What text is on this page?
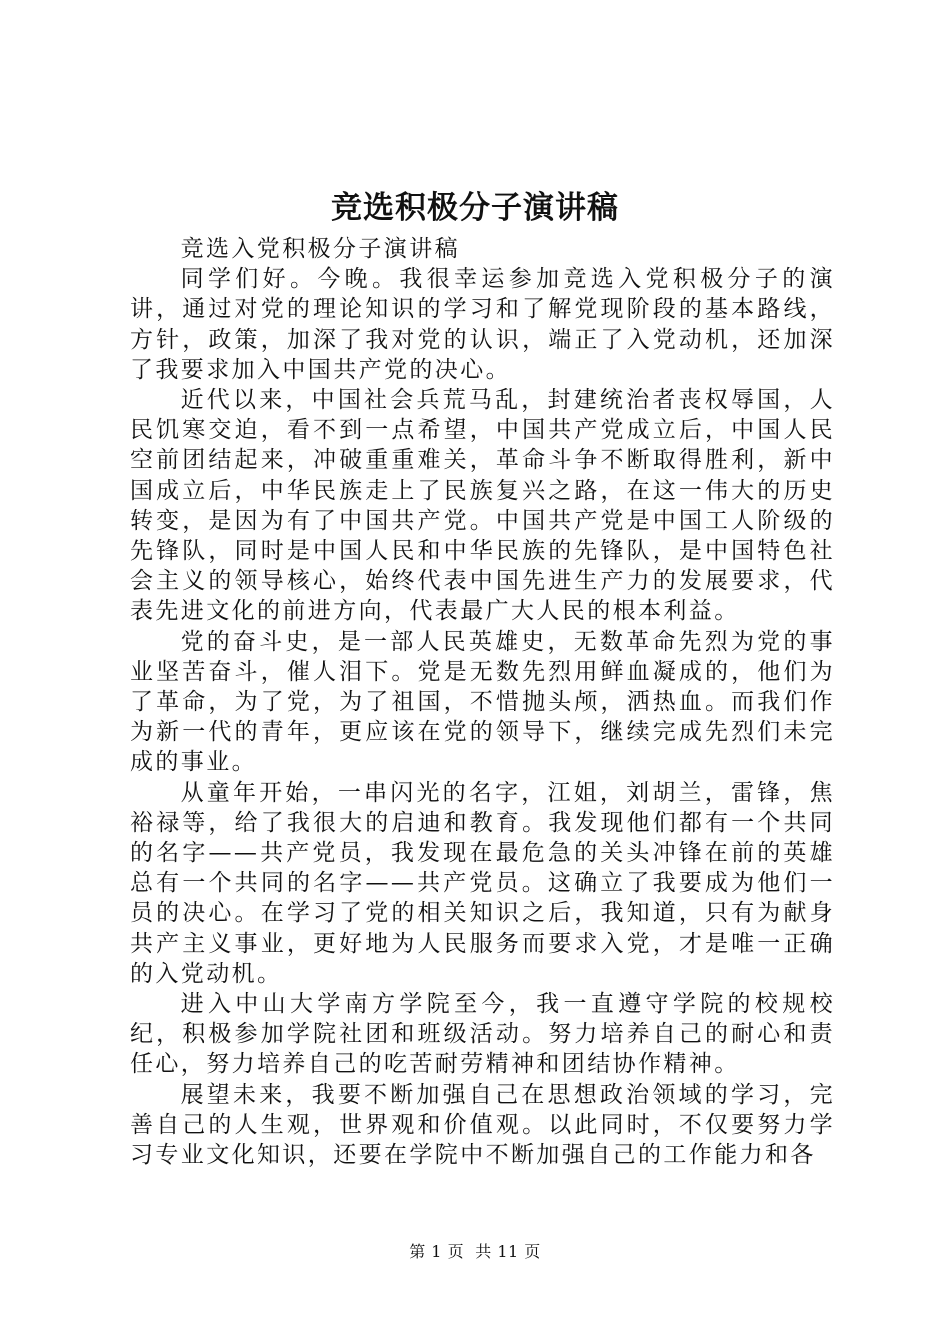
竞选积极分子演讲稿

竞选入党积极分子演讲稿

同学们好。今晚。我很幸运参加竞选入党积极分子的演讲，通过对党的理论知识的学习和了解党现阶段的基本路线，方针，政策，加深了我对党的认识，端正了入党动机，还加深了我要求加入中国共产党的决心。

近代以来，中国社会兵荒马乱，封建统治者丧权辱国，人民饥寒交迫，看不到一点希望，中国共产党成立后，中国人民空前团结起来，冲破重重难关，革命斗争不断取得胜利，新中国成立后，中华民族走上了民族复兴之路，在这一伟大的历史转变，是因为有了中国共产党。中国共产党是中国工人阶级的先锋队，同时是中国人民和中华民族的先锋队，是中国特色社会主义的领导核心，始终代表中国先进生产力的发展要求，代表先进文化的前进方向，代表最广大人民的根本利益。

党的奋斗史，是一部人民英雄史，无数革命先烈为党的事业坚苦奋斗，催人泪下。党是无数先烈用鲜血凝成的，他们为了革命，为了党，为了祖国，不惜抛头颅，洒热血。而我们作为新一代的青年，更应该在党的领导下，继续完成先烈们未完成的事业。

从童年开始，一串闪光的名字，江姐，刘胡兰，雷锋，焦裕禄等，给了我很大的启迪和教育。我发现他们都有一个共同的名字——共产党员，我发现在最危急的关头冲锋在前的英雄总有一个共同的名字——共产党员。这确立了我要成为他们一员的决心。在学习了党的相关知识之后，我知道，只有为献身共产主义事业，更好地为人民服务而要求入党，才是唯一正确的入党动机。

进入中山大学南方学院至今，我一直遵守学院的校规校纪，积极参加学院社团和班级活动。努力培养自己的耐心和责任心，努力培养自己的吃苦耐劳精神和团结协作精神。

展望未来，我要不断加强自己在思想政治领域的学习，完善自己的人生观，世界观和价值观。以此同时，不仅要努力学习专业文化知识，还要在学院中不断加强自己的工作能力和各

第 1 页  共 11 页
